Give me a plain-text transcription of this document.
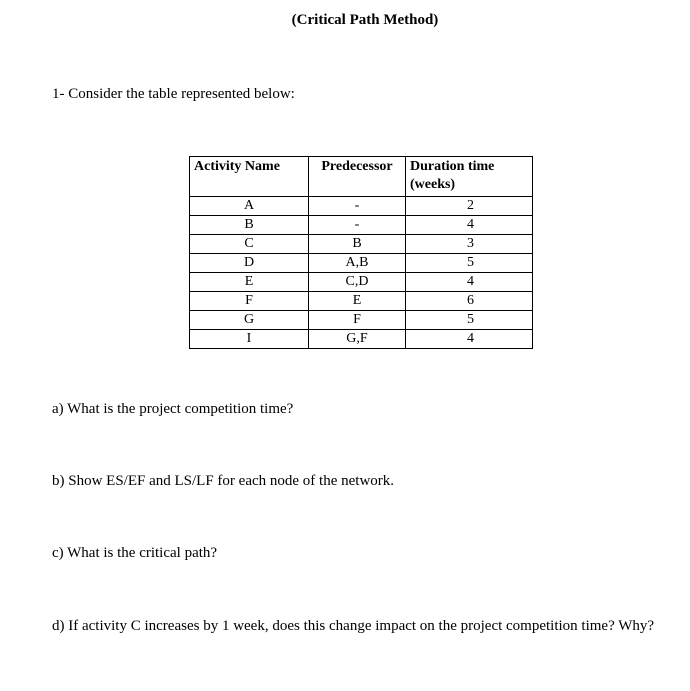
(Critical Path Method)
1- Consider the table represented below:
Activity Name	Predecessor	Duration time (weeks)
A	-	2
B	-	4
C	B	3
D	A,B	5
E	C,D	4
F	E	6
G	F	5
I	G,F	4
a) What is the project competition time?
b) Show ES/EF and LS/LF for each node of the network.
c) What is the critical path?
d) If activity C increases by 1 week, does this change impact on the project competition time? Why?
